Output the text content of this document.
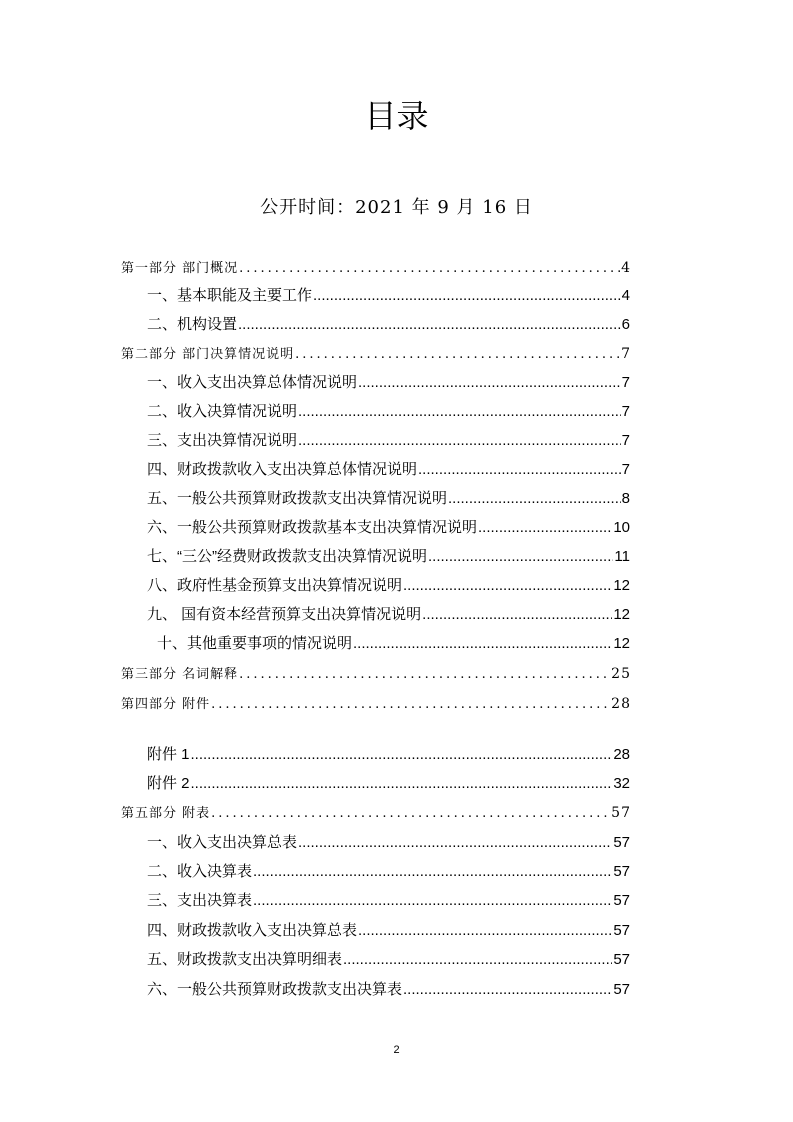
目录

公开时间：2021 年 9 月 16 日

第一部分 部门概况 .....	4
一、基本职能及主要工作 .....	4
二、机构设置 .....	6
第二部分 部门决算情况说明 .....	7
一、收入支出决算总体情况说明 .....	7
二、收入决算情况说明 .....	7
三、支出决算情况说明 .....	7
四、财政拨款收入支出决算总体情况说明 .....	7
五、一般公共预算财政拨款支出决算情况说明 .....	8
六、一般公共预算财政拨款基本支出决算情况说明 .....	10
七、“三公”经费财政拨款支出决算情况说明 .....	11
八、政府性基金预算支出决算情况说明 .....	12
九、 国有资本经营预算支出决算情况说明 .....	12
十、其他重要事项的情况说明 .....	12
第三部分 名词解释 .....	25
第四部分 附件 .....	28
附件 1 .....	28
附件 2 .....	32
第五部分 附表 .....	57
一、收入支出决算总表 .....	57
二、收入决算表 .....	57
三、支出决算表 .....	57
四、财政拨款收入支出决算总表 .....	57
五、财政拨款支出决算明细表 .....	57
六、一般公共预算财政拨款支出决算表 .....	57
2
